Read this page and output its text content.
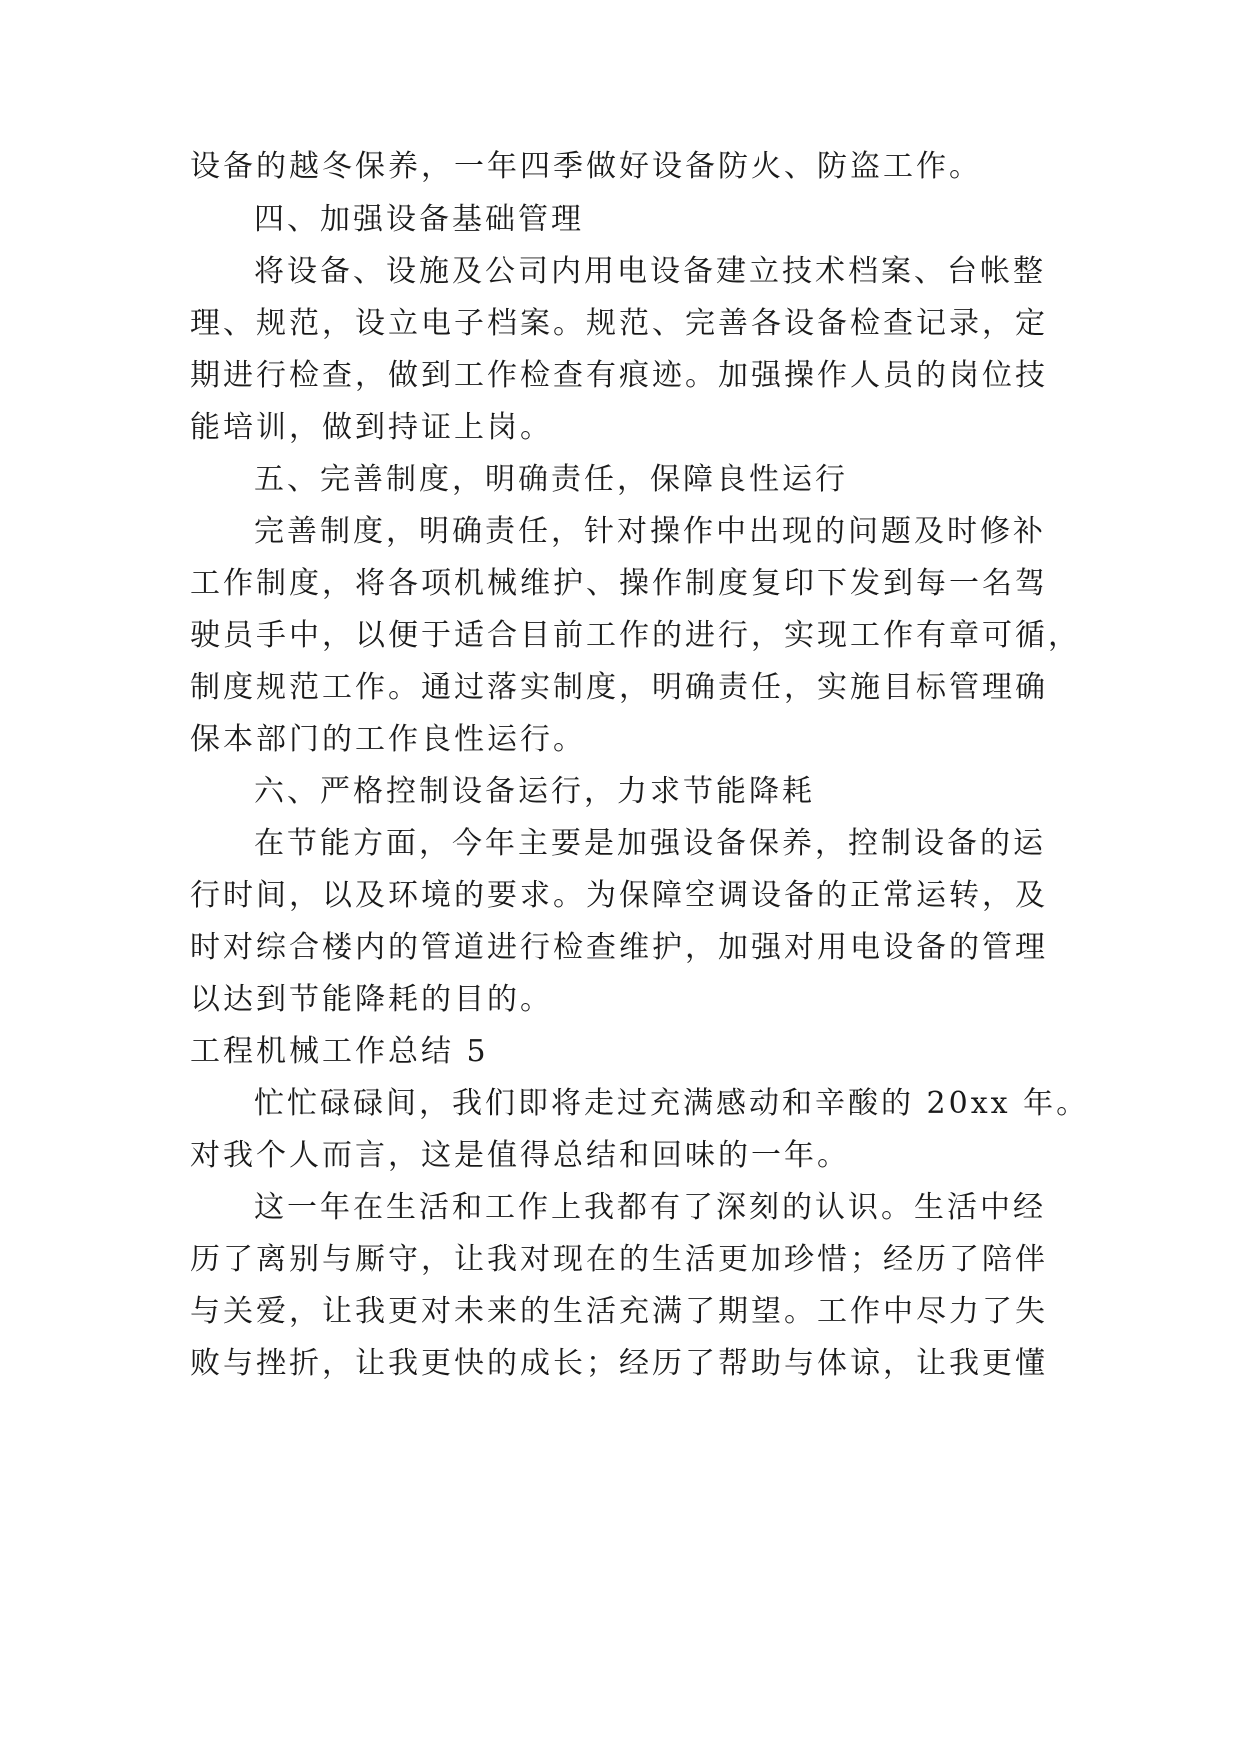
设备的越冬保养，一年四季做好设备防火、防盗工作。
四、加强设备基础管理
将设备、设施及公司内用电设备建立技术档案、台帐整
理、规范，设立电子档案。规范、完善各设备检查记录，定
期进行检查，做到工作检查有痕迹。加强操作人员的岗位技
能培训，做到持证上岗。
五、完善制度，明确责任，保障良性运行
完善制度，明确责任，针对操作中出现的问题及时修补
工作制度，将各项机械维护、操作制度复印下发到每一名驾
驶员手中，以便于适合目前工作的进行，实现工作有章可循，
制度规范工作。通过落实制度，明确责任，实施目标管理确
保本部门的工作良性运行。
六、严格控制设备运行，力求节能降耗
在节能方面，今年主要是加强设备保养，控制设备的运
行时间，以及环境的要求。为保障空调设备的正常运转，及
时对综合楼内的管道进行检查维护，加强对用电设备的管理
以达到节能降耗的目的。
工程机械工作总结 5
忙忙碌碌间，我们即将走过充满感动和辛酸的 20xx 年。
对我个人而言，这是值得总结和回味的一年。
这一年在生活和工作上我都有了深刻的认识。生活中经
历了离别与厮守，让我对现在的生活更加珍惜；经历了陪伴
与关爱，让我更对未来的生活充满了期望。工作中尽力了失
败与挫折，让我更快的成长；经历了帮助与体谅，让我更懂
